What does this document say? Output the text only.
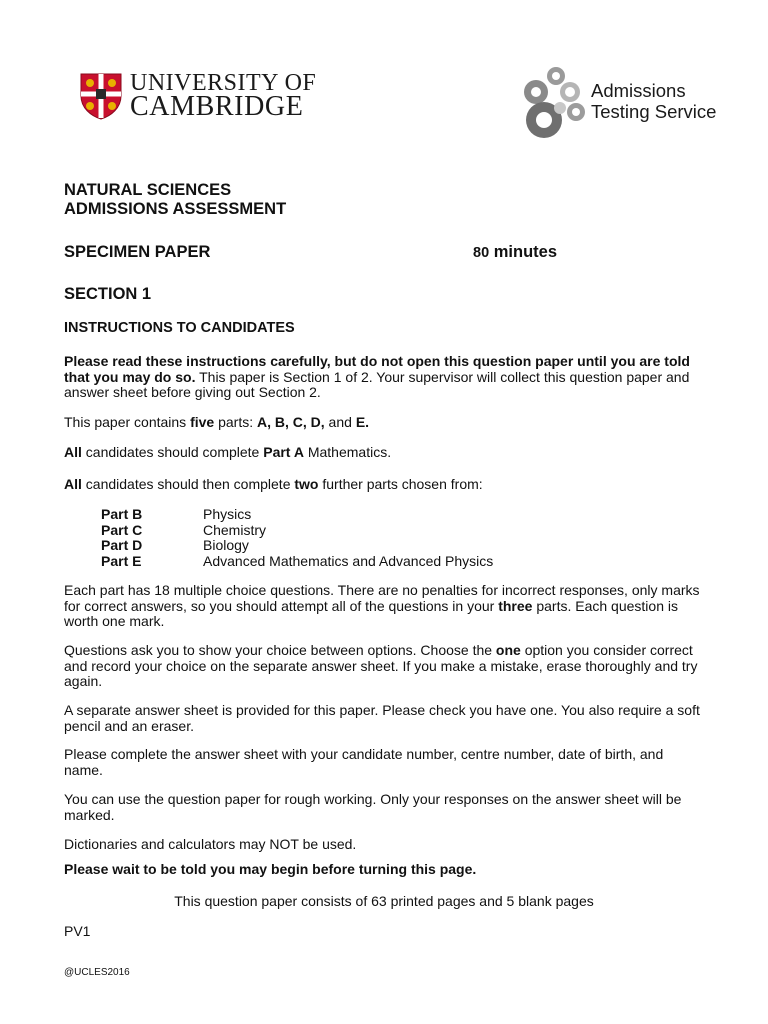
UNIVERSITY OF
CAMBRIDGE
Admissions
Testing Service
NATURAL SCIENCES
ADMISSIONS ASSESSMENT
SPECIMEN PAPER	80 minutes
SECTION 1
INSTRUCTIONS TO CANDIDATES
Please read these instructions carefully, but do not open this question paper until you are told that you may do so. This paper is Section 1 of 2. Your supervisor will collect this question paper and answer sheet before giving out Section 2.
This paper contains five parts: A, B, C, D, and E.
All candidates should complete Part A Mathematics.
All candidates should then complete two further parts chosen from:
Part B	Physics
Part C	Chemistry
Part D	Biology
Part E	Advanced Mathematics and Advanced Physics
Each part has 18 multiple choice questions. There are no penalties for incorrect responses, only marks for correct answers, so you should attempt all of the questions in your three parts. Each question is worth one mark.
Questions ask you to show your choice between options. Choose the one option you consider correct and record your choice on the separate answer sheet. If you make a mistake, erase thoroughly and try again.
A separate answer sheet is provided for this paper. Please check you have one. You also require a soft pencil and an eraser.
Please complete the answer sheet with your candidate number, centre number, date of birth, and name.
You can use the question paper for rough working. Only your responses on the answer sheet will be marked.
Dictionaries and calculators may NOT be used.
Please wait to be told you may begin before turning this page.
This question paper consists of 63 printed pages and 5 blank pages
PV1
@UCLES2016
